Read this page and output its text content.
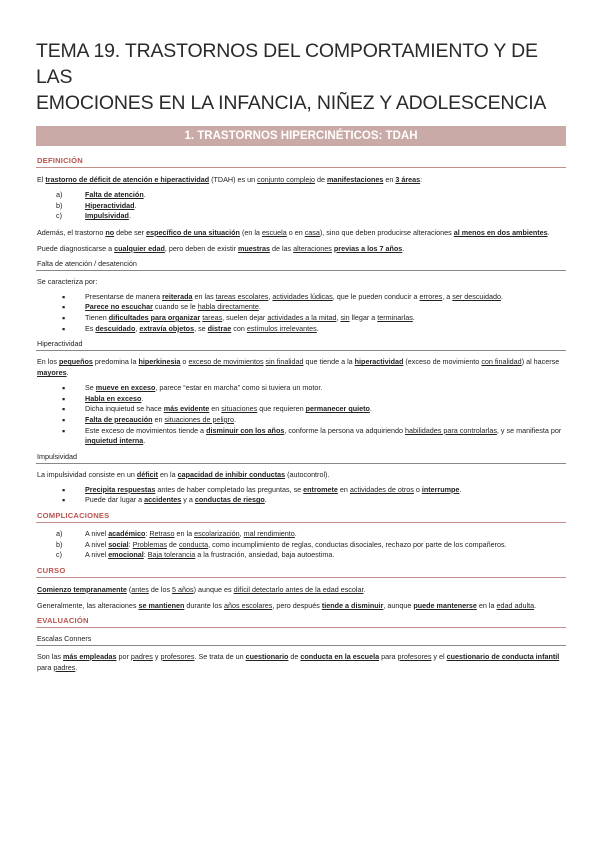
TEMA 19. TRASTORNOS DEL COMPORTAMIENTO Y DE LAS
EMOCIONES EN LA INFANCIA, NIÑEZ Y ADOLESCENCIA
1. TRASTORNOS HIPERCINÉTICOS: TDAH
DEFINICIÓN
El trastorno de déficit de atención e hiperactividad (TDAH) es un conjunto complejo de manifestaciones en 3 áreas:
a)	Falta de atención.
b)	Hiperactividad.
c)	Impulsividad.
Además, el trastorno no debe ser específico de una situación (en la escuela o en casa), sino que deben producirse alteraciones al menos en dos ambientes.
Puede diagnosticarse a cualquier edad, pero deben de existir muestras de las alteraciones previas a los 7 años.
Falta de atención / desatención
Se caracteriza por:
▪	Presentarse de manera reiterada en las tareas escolares, actividades lúdicas, que le pueden conducir a errores, a ser descuidado.
▪	Parece no escuchar cuando se le habla directamente.
▪	Tienen dificultades para organizar tareas, suelen dejar actividades a la mitad, sin llegar a terminarlas.
▪	Es descuidado, extravía objetos, se distrae con estímulos irrelevantes.
Hiperactividad
En los pequeños predomina la hiperkinesia o exceso de movimientos sin finalidad que tiende a la hiperactividad (exceso de movimiento con finalidad) al hacerse mayores.
▪	Se mueve en exceso, parece “estar en marcha” como si tuviera un motor.
▪	Habla en exceso.
▪	Dicha inquietud se hace más evidente en situaciones que requieren permanecer quieto.
▪	Falta de precaución en situaciones de peligro.
▪	Este exceso de movimientos tiende a disminuir con los años, conforme la persona va adquiriendo habilidades para controlarlas, y se manifiesta por inquietud interna.
Impulsividad
La impulsividad consiste en un déficit en la capacidad de inhibir conductas (autocontrol).
▪	Precipita respuestas antes de haber completado las preguntas, se entromete en actividades de otros o interrumpe.
▪	Puede dar lugar a accidentes y a conductas de riesgo.
COMPLICACIONES
a)	A nivel académico: Retraso en la escolarización, mal rendimiento.
b)	A nivel social: Problemas de conducta, como incumplimiento de reglas, conductas disociales, rechazo por parte de los compañeros.
c)	A nivel emocional: Baja tolerancia a la frustración, ansiedad, baja autoestima.
CURSO
Comienzo tempranamente (antes de los 5 años) aunque es difícil detectarlo antes de la edad escolar.
Generalmente, las alteraciones se mantienen durante los años escolares, pero después tiende a disminuir, aunque puede mantenerse en la edad adulta.
EVALUACIÓN
Escalas Conners
Son las más empleadas por padres y profesores. Se trata de un cuestionario de conducta en la escuela para profesores y el cuestionario de conducta infantil para padres.
